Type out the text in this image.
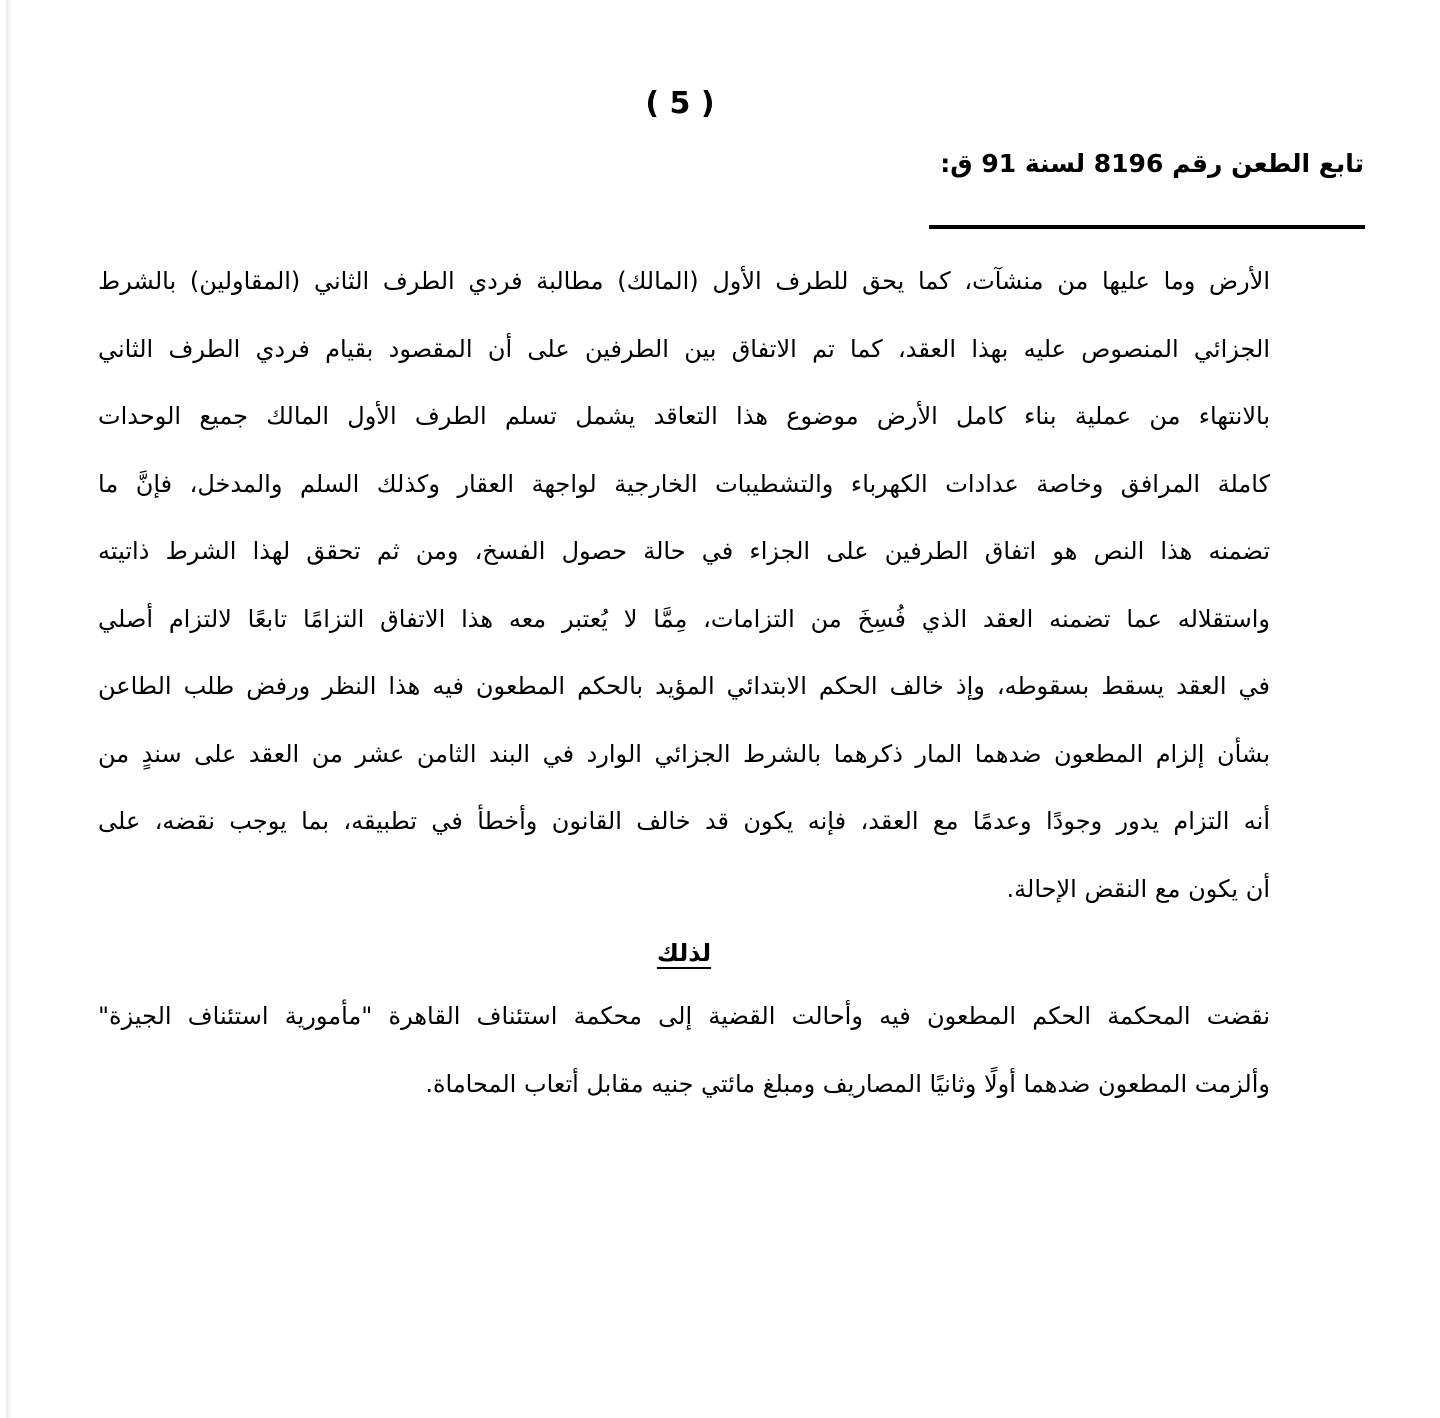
( 5 )
تابع الطعن رقم 8196 لسنة 91 ق:

الأرض وما عليها من منشآت، كما يحق للطرف الأول (المالك) مطالبة فردي الطرف الثاني (المقاولين) بالشرط
الجزائي المنصوص عليه بهذا العقد، كما تم الاتفاق بين الطرفين على أن المقصود بقيام فردي الطرف الثاني
بالانتهاء من عملية بناء كامل الأرض موضوع هذا التعاقد يشمل تسلم الطرف الأول المالك جميع الوحدات
كاملة المرافق وخاصة عدادات الكهرباء والتشطيبات الخارجية لواجهة العقار وكذلك السلم والمدخل، فإنَّ ما
تضمنه هذا النص هو اتفاق الطرفين على الجزاء في حالة حصول الفسخ، ومن ثم تحقق لهذا الشرط ذاتيته
واستقلاله عما تضمنه العقد الذي فُسِخَ من التزامات، مِمَّا لا يُعتبر معه هذا الاتفاق التزامًا تابعًا لالتزام أصلي
في العقد يسقط بسقوطه، وإذ خالف الحكم الابتدائي المؤيد بالحكم المطعون فيه هذا النظر ورفض طلب الطاعن
بشأن إلزام المطعون ضدهما المار ذكرهما بالشرط الجزائي الوارد في البند الثامن عشر من العقد على سندٍ من
أنه التزام يدور وجودًا وعدمًا مع العقد، فإنه يكون قد خالف القانون وأخطأ في تطبيقه، بما يوجب نقضه، على
أن يكون مع النقض الإحالة.

لذلك

نقضت المحكمة الحكم المطعون فيه وأحالت القضية إلى محكمة استئناف القاهرة "مأمورية استئناف الجيزة"
وألزمت المطعون ضدهما أولًا وثانيًا المصاريف ومبلغ مائتي جنيه مقابل أتعاب المحاماة.
